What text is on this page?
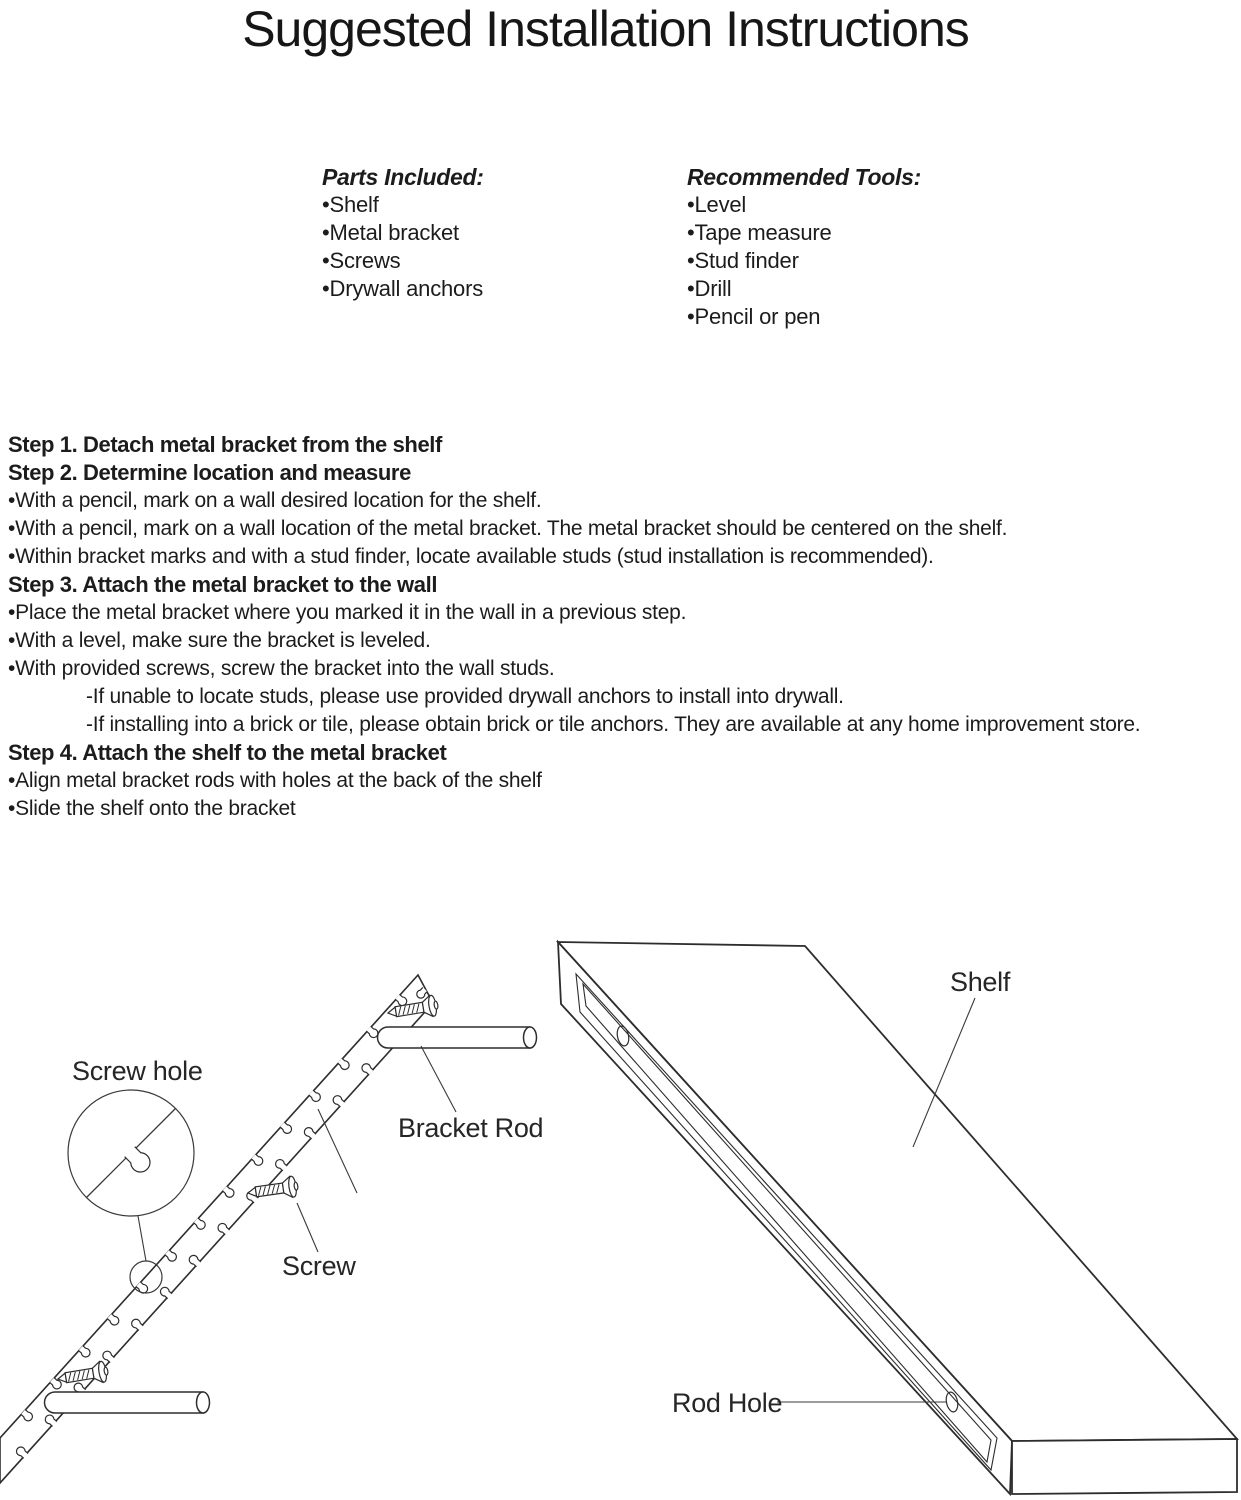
Suggested Installation Instructions
Parts Included:
•Shelf
•Metal bracket
•Screws
•Drywall anchors
Recommended Tools:
•Level
•Tape measure
•Stud finder
•Drill
•Pencil or pen
Step 1. Detach metal bracket from the shelf
Step 2. Determine location and measure
•With a pencil, mark on a wall desired location for the shelf.
•With a pencil, mark on a wall location of the metal bracket. The metal bracket should be centered on the shelf.
•Within bracket marks and with a stud finder, locate available studs (stud installation is recommended).
Step 3. Attach the metal bracket to the wall
•Place the metal bracket where you marked it in the wall in a previous step.
•With a level, make sure the bracket is leveled.
•With provided screws, screw the bracket into the wall studs.
-If unable to locate studs, please use provided drywall anchors to install into drywall.
-If installing into a brick or tile, please obtain brick or tile anchors. They are available at any home improvement store.
Step 4. Attach the shelf to the metal bracket
•Align metal bracket rods with holes at the back of the shelf
•Slide the shelf onto the bracket
Screw hole
Bracket Rod
Screw
Shelf
Rod Hole
